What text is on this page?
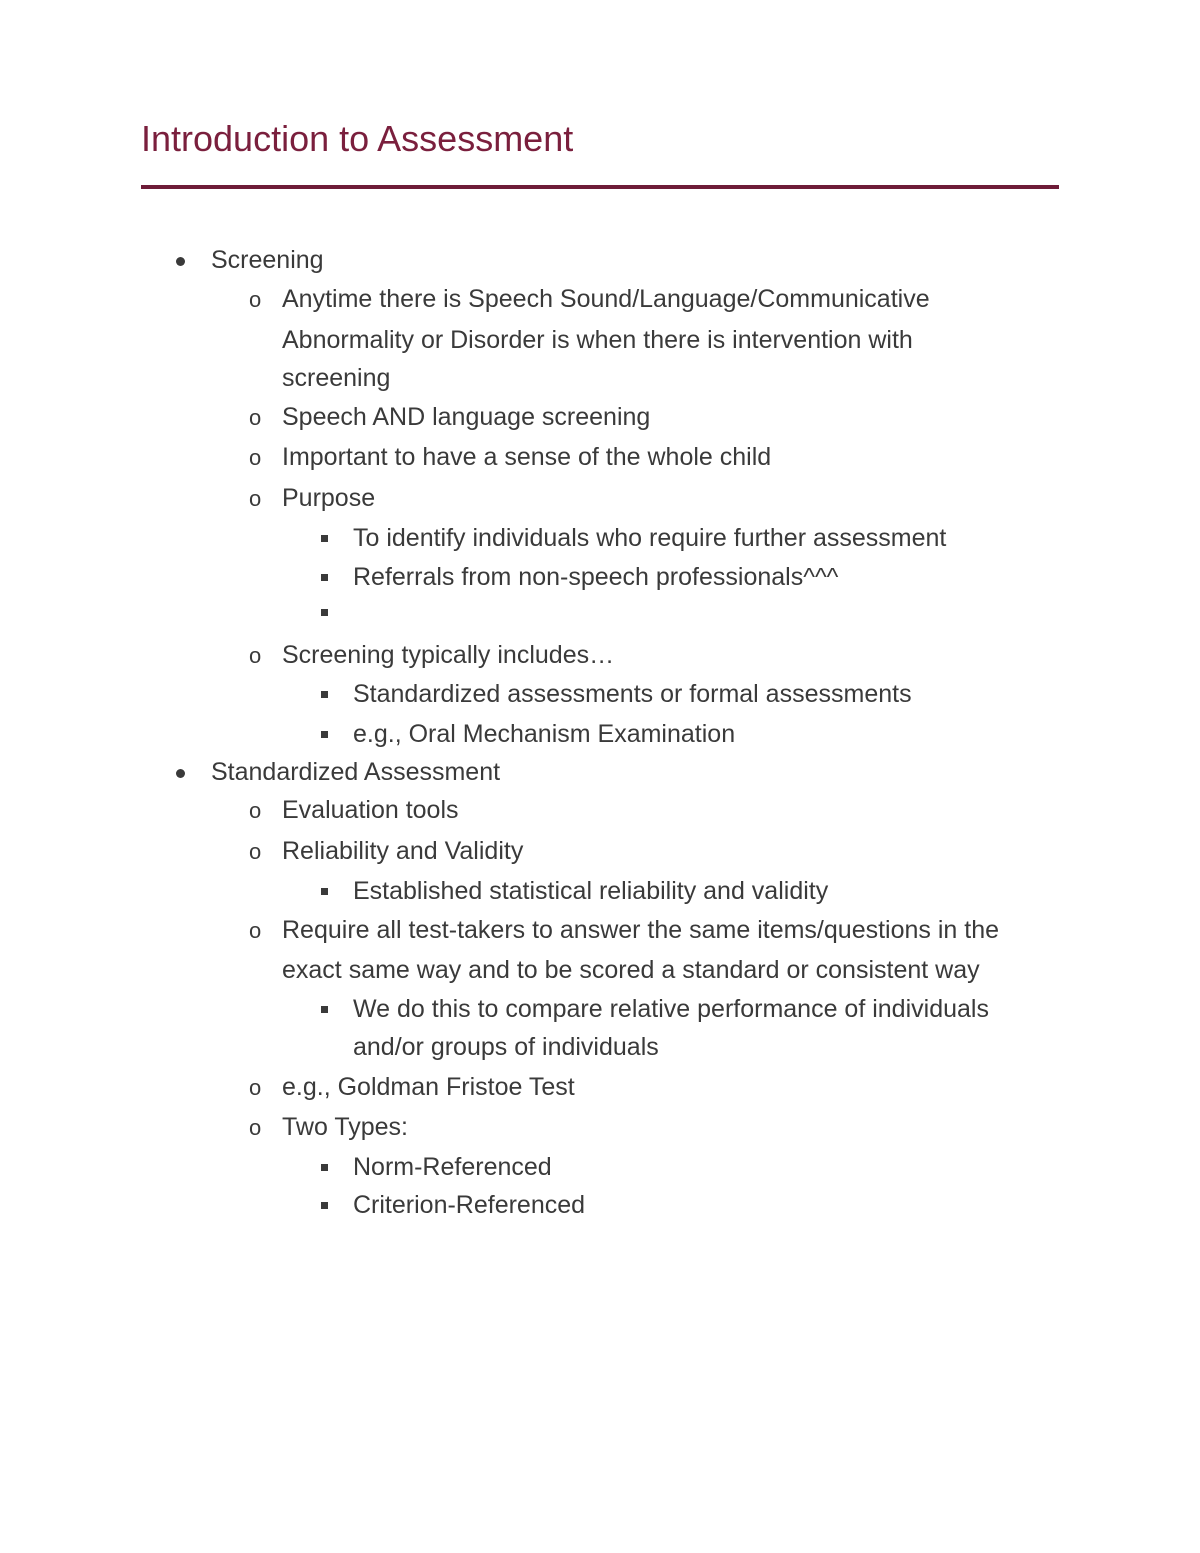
Introduction to Assessment
Screening
o Anytime there is Speech Sound/Language/Communicative
Abnormality or Disorder is when there is intervention with
screening
o Speech AND language screening
o Important to have a sense of the whole child
o Purpose
To identify individuals who require further assessment
Referrals from non-speech professionals^^^
o Screening typically includes…
Standardized assessments or formal assessments
e.g., Oral Mechanism Examination
Standardized Assessment
o Evaluation tools
o Reliability and Validity
Established statistical reliability and validity
o Require all test-takers to answer the same items/questions in the
exact same way and to be scored a standard or consistent way
We do this to compare relative performance of individuals
and/or groups of individuals
o e.g., Goldman Fristoe Test
o Two Types:
Norm-Referenced
Criterion-Referenced
